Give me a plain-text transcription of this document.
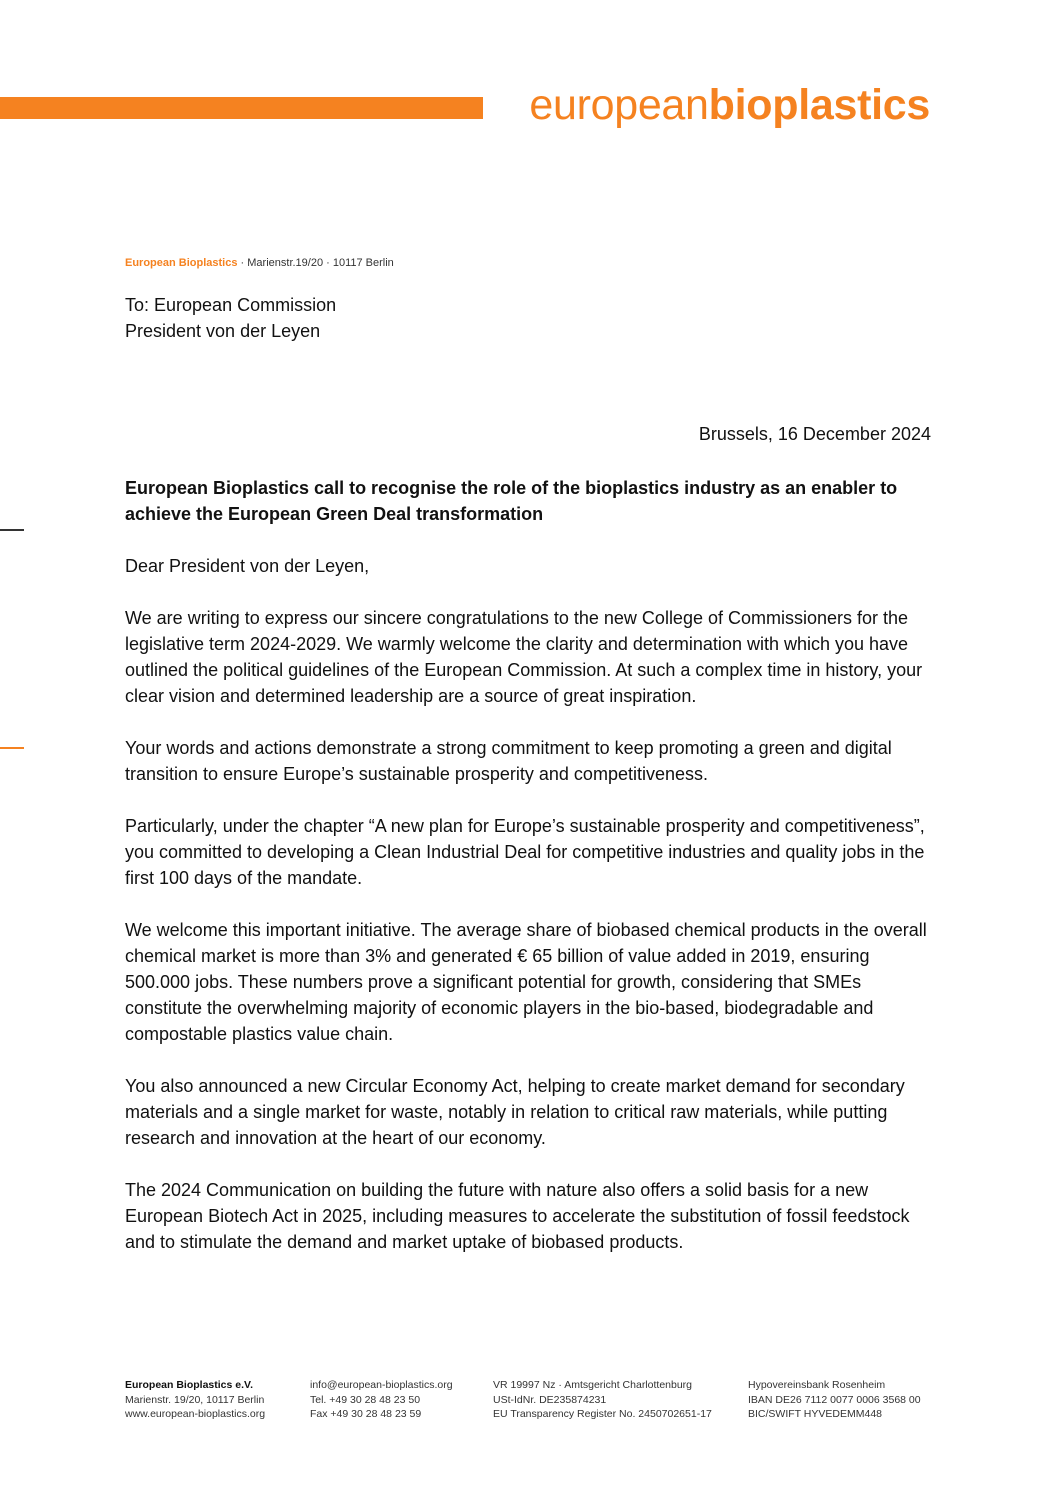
europeanbioplastics
European Bioplastics · Marienstr.19/20 · 10117 Berlin
To: European Commission
President von der Leyen
Brussels, 16 December 2024
European Bioplastics call to recognise the role of the bioplastics industry as an enabler to achieve the European Green Deal transformation

Dear President von der Leyen,

We are writing to express our sincere congratulations to the new College of Commissioners for the legislative term 2024-2029. We warmly welcome the clarity and determination with which you have outlined the political guidelines of the European Commission. At such a complex time in history, your clear vision and determined leadership are a source of great inspiration.

Your words and actions demonstrate a strong commitment to keep promoting a green and digital transition to ensure Europe’s sustainable prosperity and competitiveness.

Particularly, under the chapter “A new plan for Europe’s sustainable prosperity and competitiveness”, you committed to developing a Clean Industrial Deal for competitive industries and quality jobs in the first 100 days of the mandate.

We welcome this important initiative. The average share of biobased chemical products in the overall chemical market is more than 3% and generated € 65 billion of value added in 2019, ensuring 500.000 jobs. These numbers prove a significant potential for growth, considering that SMEs constitute the overwhelming majority of economic players in the bio-based, biodegradable and compostable plastics value chain.

You also announced a new Circular Economy Act, helping to create market demand for secondary materials and a single market for waste, notably in relation to critical raw materials, while putting research and innovation at the heart of our economy.

The 2024 Communication on building the future with nature also offers a solid basis for a new European Biotech Act in 2025, including measures to accelerate the substitution of fossil feedstock and to stimulate the demand and market uptake of biobased products.

European Bioplastics e.V.
Marienstr. 19/20, 10117 Berlin
www.european-bioplastics.org
info@european-bioplastics.org
Tel. +49 30 28 48 23 50
Fax +49 30 28 48 23 59
VR 19997 Nz · Amtsgericht Charlottenburg
USt-IdNr. DE235874231
EU Transparency Register No. 2450702651-17
Hypovereinsbank Rosenheim
IBAN DE26 7112 0077 0006 3568 00
BIC/SWIFT HYVEDEMM448
